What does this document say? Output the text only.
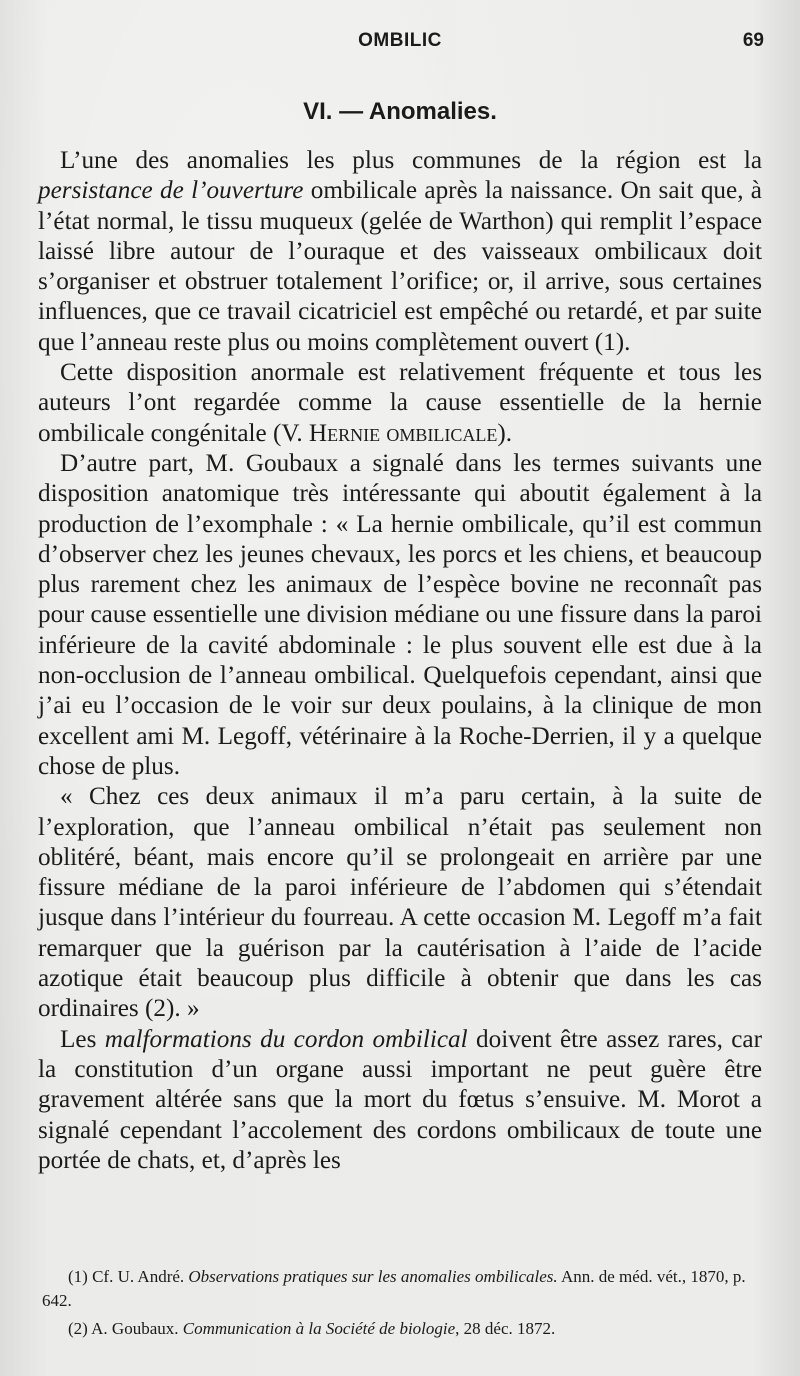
OMBILIC	69
VI. — Anomalies.

L’une des anomalies les plus communes de la région est la persistance de l’ouverture ombilicale après la naissance. On sait que, à l’état normal, le tissu muqueux (gelée de Warthon) qui remplit l’espace laissé libre autour de l’ouraque et des vaisseaux ombilicaux doit s’organiser et obstruer totalement l’orifice; or, il arrive, sous certaines influences, que ce travail cicatriciel est empêché ou retardé, et par suite que l’anneau reste plus ou moins complètement ouvert (1).

Cette disposition anormale est relativement fréquente et tous les auteurs l’ont regardée comme la cause essentielle de la hernie ombilicale congénitale (V. Hernie ombilicale).

D’autre part, M. Goubaux a signalé dans les termes suivants une disposition anatomique très intéressante qui aboutit également à la production de l’exomphale : « La hernie ombilicale, qu’il est commun d’observer chez les jeunes chevaux, les porcs et les chiens, et beaucoup plus rarement chez les animaux de l’espèce bovine ne reconnaît pas pour cause essentielle une division médiane ou une fissure dans la paroi inférieure de la cavité abdominale : le plus souvent elle est due à la non-occlusion de l’anneau ombilical. Quelquefois cependant, ainsi que j’ai eu l’occasion de le voir sur deux poulains, à la clinique de mon excellent ami M. Legoff, vétérinaire à la Roche-Derrien, il y a quelque chose de plus.

« Chez ces deux animaux il m’a paru certain, à la suite de l’exploration, que l’anneau ombilical n’était pas seulement non oblitéré, béant, mais encore qu’il se prolongeait en arrière par une fissure médiane de la paroi inférieure de l’abdomen qui s’étendait jusque dans l’intérieur du fourreau. A cette occasion M. Legoff m’a fait remarquer que la guérison par la cautérisation à l’aide de l’acide azotique était beaucoup plus difficile à obtenir que dans les cas ordinaires (2). »

Les malformations du cordon ombilical doivent être assez rares, car la constitution d’un organe aussi important ne peut guère être gravement altérée sans que la mort du fœtus s’ensuive. M. Morot a signalé cependant l’accolement des cordons ombilicaux de toute une portée de chats, et, d’après les

(1) Cf. U. André. Observations pratiques sur les anomalies ombilicales. Ann. de méd. vét., 1870, p. 642.

(2) A. Goubaux. Communication à la Société de biologie, 28 déc. 1872.
